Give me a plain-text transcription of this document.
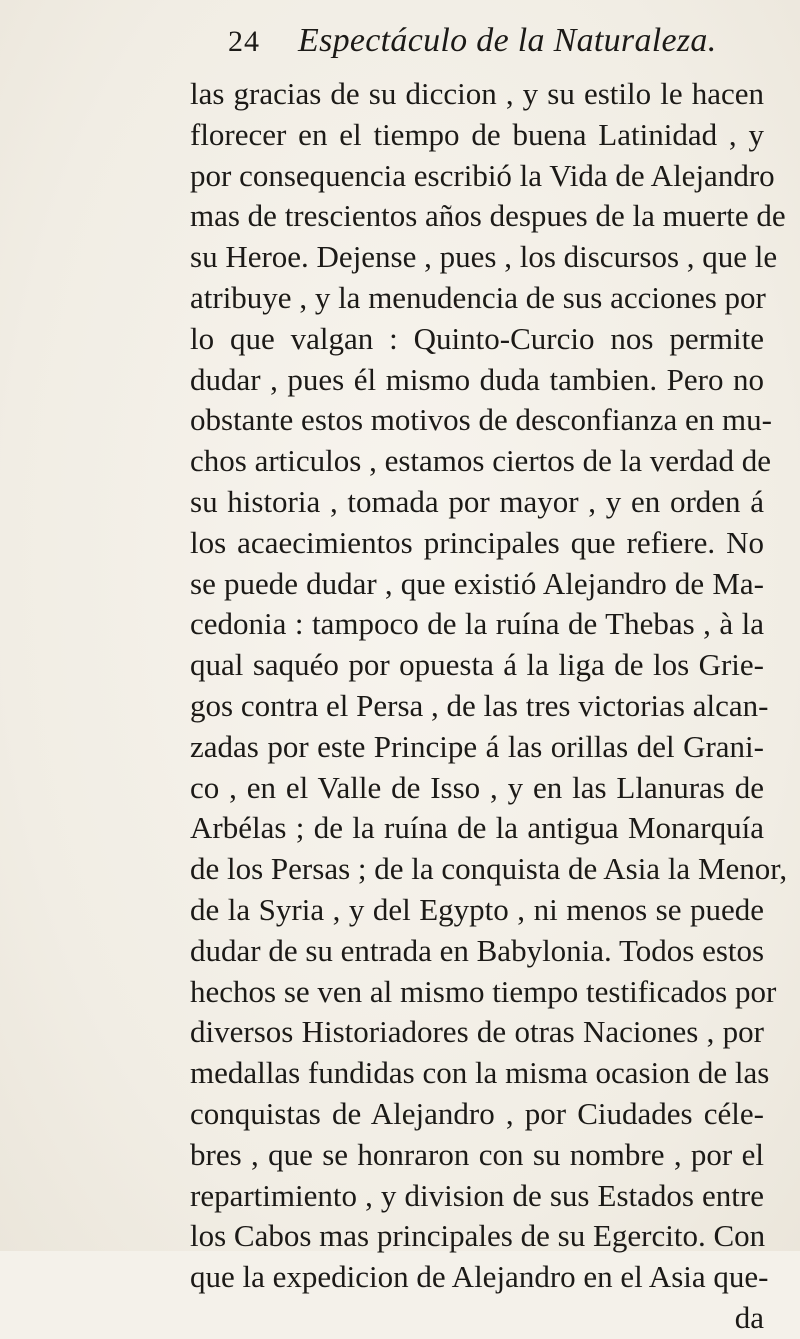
24 Espectáculo de la Naturaleza.
las gracias de su diccion , y su estilo le hacen
florecer en el tiempo de buena Latinidad , y
por consequencia escribió la Vida de Alejandro
mas de trescientos años despues de la muerte de
su Heroe. Dejense , pues , los discursos , que le
atribuye , y la menudencia de sus acciones por
lo que valgan : Quinto-Curcio nos permite
dudar , pues él mismo duda tambien. Pero no
obstante estos motivos de desconfianza en mu-
chos articulos , estamos ciertos de la verdad de
su historia , tomada por mayor , y en orden á
los acaecimientos principales que refiere. No
se puede dudar , que existió Alejandro de Ma-
cedonia : tampoco de la ruína de Thebas , à la
qual saquéo por opuesta á la liga de los Grie-
gos contra el Persa , de las tres victorias alcan-
zadas por este Principe á las orillas del Grani-
co , en el Valle de Isso , y en las Llanuras de
Arbélas ; de la ruína de la antigua Monarquía
de los Persas ; de la conquista de Asia la Menor,
de la Syria , y del Egypto , ni menos se puede
dudar de su entrada en Babylonia. Todos estos
hechos se ven al mismo tiempo testificados por
diversos Historiadores de otras Naciones , por
medallas fundidas con la misma ocasion de las
conquistas de Alejandro , por Ciudades céle-
bres , que se honraron con su nombre , por el
repartimiento , y division de sus Estados entre
los Cabos mas principales de su Egercito. Con
que la expedicion de Alejandro en el Asia que-
da
